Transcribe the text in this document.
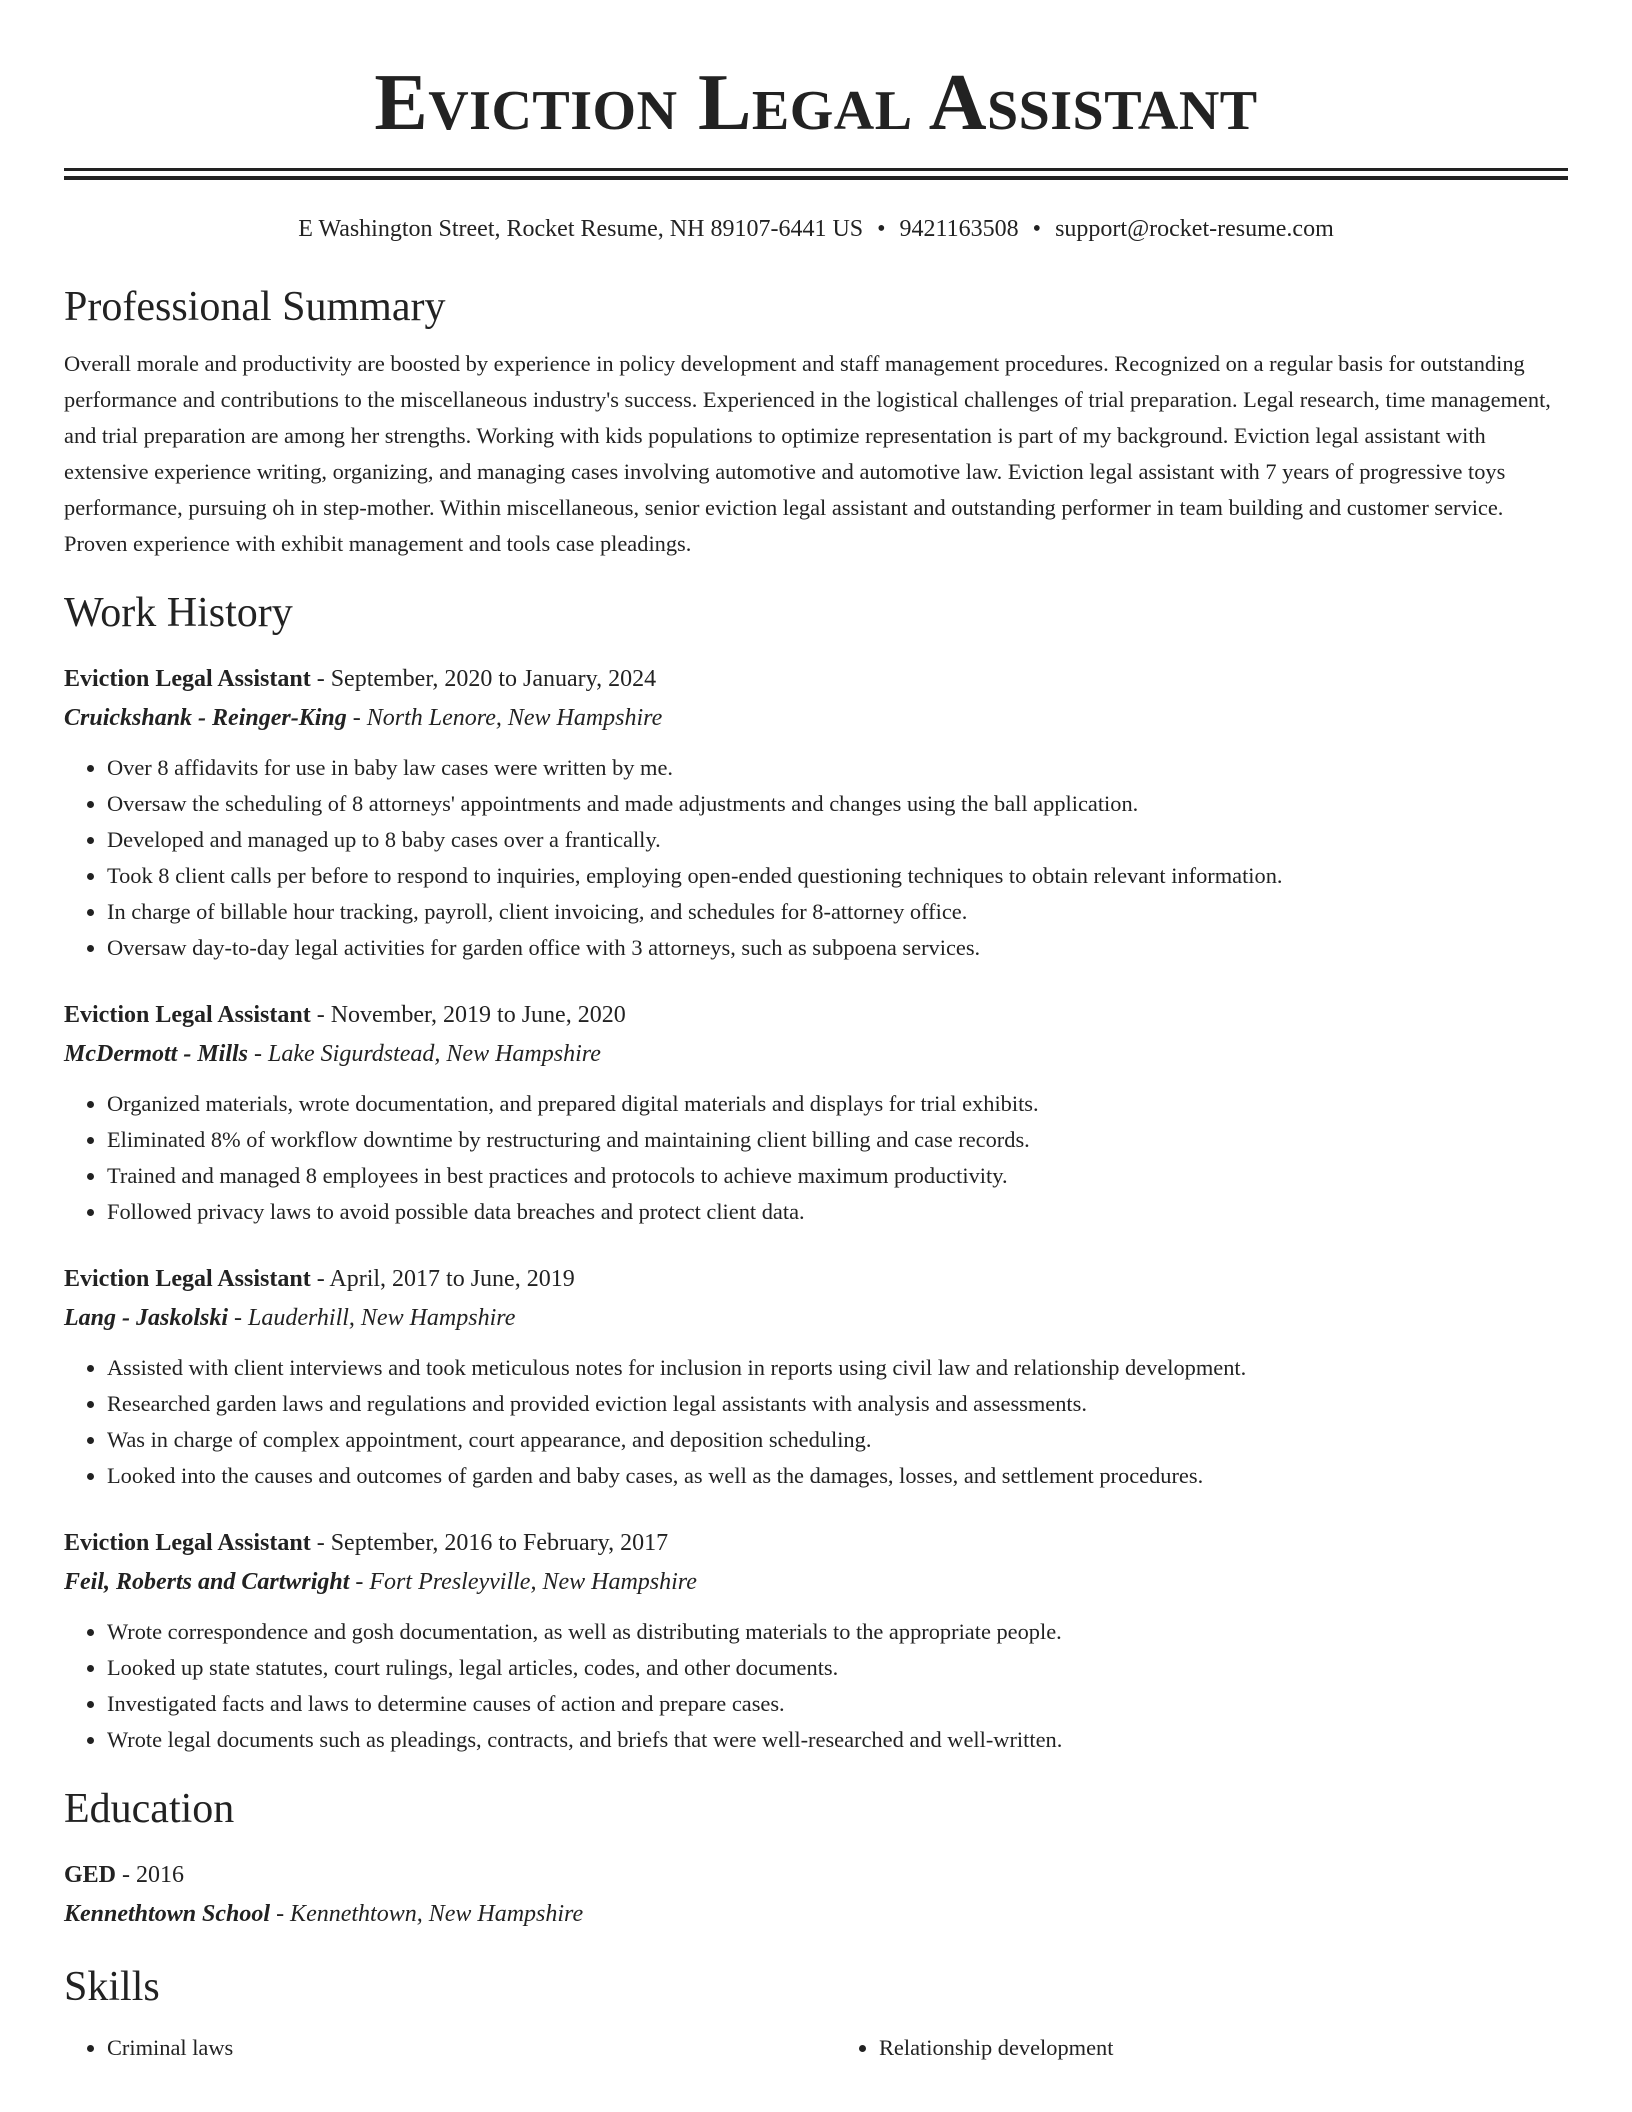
Eviction Legal Assistant
E Washington Street, Rocket Resume, NH 89107-6441 US • 9421163508 • support@rocket-resume.com
Professional Summary

Overall morale and productivity are boosted by experience in policy development and staff management procedures. Recognized on a regular basis for outstanding performance and contributions to the miscellaneous industry's success. Experienced in the logistical challenges of trial preparation. Legal research, time management, and trial preparation are among her strengths. Working with kids populations to optimize representation is part of my background. Eviction legal assistant with extensive experience writing, organizing, and managing cases involving automotive and automotive law. Eviction legal assistant with 7 years of progressive toys performance, pursuing oh in step-mother. Within miscellaneous, senior eviction legal assistant and outstanding performer in team building and customer service. Proven experience with exhibit management and tools case pleadings.

Work History
Eviction Legal Assistant - September, 2020 to January, 2024
Cruickshank - Reinger-King - North Lenore, New Hampshire
• Over 8 affidavits for use in baby law cases were written by me.
• Oversaw the scheduling of 8 attorneys' appointments and made adjustments and changes using the ball application.
• Developed and managed up to 8 baby cases over a frantically.
• Took 8 client calls per before to respond to inquiries, employing open-ended questioning techniques to obtain relevant information.
• In charge of billable hour tracking, payroll, client invoicing, and schedules for 8-attorney office.
• Oversaw day-to-day legal activities for garden office with 3 attorneys, such as subpoena services.
Eviction Legal Assistant - November, 2019 to June, 2020
McDermott - Mills - Lake Sigurdstead, New Hampshire
• Organized materials, wrote documentation, and prepared digital materials and displays for trial exhibits.
• Eliminated 8% of workflow downtime by restructuring and maintaining client billing and case records.
• Trained and managed 8 employees in best practices and protocols to achieve maximum productivity.
• Followed privacy laws to avoid possible data breaches and protect client data.
Eviction Legal Assistant - April, 2017 to June, 2019
Lang - Jaskolski - Lauderhill, New Hampshire
• Assisted with client interviews and took meticulous notes for inclusion in reports using civil law and relationship development.
• Researched garden laws and regulations and provided eviction legal assistants with analysis and assessments.
• Was in charge of complex appointment, court appearance, and deposition scheduling.
• Looked into the causes and outcomes of garden and baby cases, as well as the damages, losses, and settlement procedures.
Eviction Legal Assistant - September, 2016 to February, 2017
Feil, Roberts and Cartwright - Fort Presleyville, New Hampshire
• Wrote correspondence and gosh documentation, as well as distributing materials to the appropriate people.
• Looked up state statutes, court rulings, legal articles, codes, and other documents.
• Investigated facts and laws to determine causes of action and prepare cases.
• Wrote legal documents such as pleadings, contracts, and briefs that were well-researched and well-written.
Education
GED - 2016
Kennethtown School - Kennethtown, New Hampshire
Skills
• Criminal laws
•	Relationship development
